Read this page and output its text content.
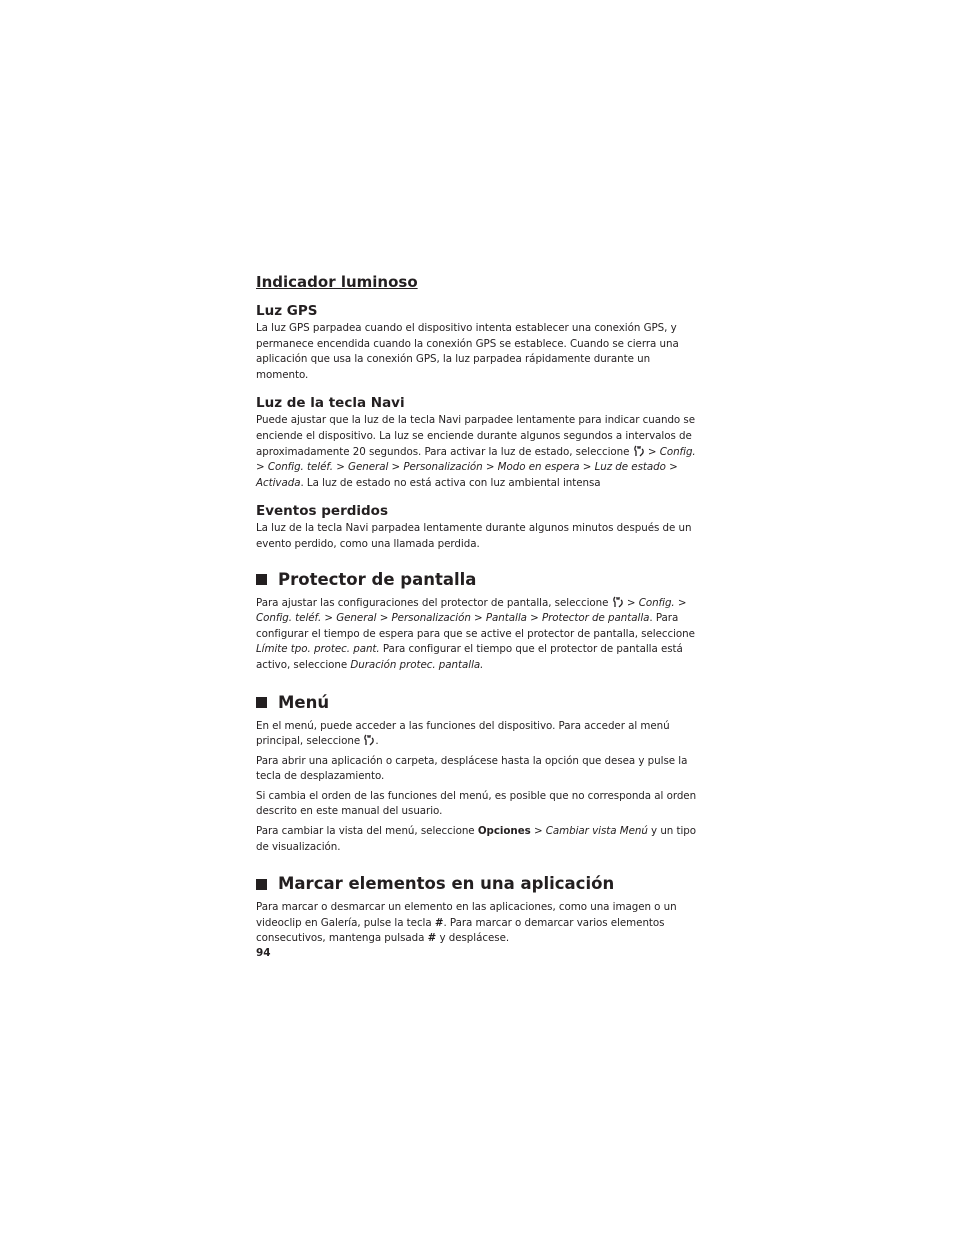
Indicador luminoso
Luz GPS

La luz GPS parpadea cuando el dispositivo intenta establecer una conexión GPS, y permanece encendida cuando la conexión GPS se establece. Cuando se cierra una aplicación que usa la conexión GPS, la luz parpadea rápidamente durante un momento.

Luz de la tecla Navi

Puede ajustar que la luz de la tecla Navi parpadee lentamente para indicar cuando se enciende el dispositivo. La luz se enciende durante algunos segundos a intervalos de aproximadamente 20 segundos. Para activar la luz de estado, seleccione > Config. > Config. teléf. > General > Personalización > Modo en espera > Luz de estado > Activada. La luz de estado no está activa con luz ambiental intensa

Eventos perdidos

La luz de la tecla Navi parpadea lentamente durante algunos minutos después de un evento perdido, como una llamada perdida.

Protector de pantalla

Para ajustar las configuraciones del protector de pantalla, seleccione > Config. > Config. teléf. > General > Personalización > Pantalla > Protector de pantalla. Para configurar el tiempo de espera para que se active el protector de pantalla, seleccione Límite tpo. protec. pant. Para configurar el tiempo que el protector de pantalla está activo, seleccione Duración protec. pantalla.

Menú

En el menú, puede acceder a las funciones del dispositivo. Para acceder al menú principal, seleccione .

Para abrir una aplicación o carpeta, desplácese hasta la opción que desea y pulse la tecla de desplazamiento.

Si cambia el orden de las funciones del menú, es posible que no corresponda al orden descrito en este manual del usuario.

Para cambiar la vista del menú, seleccione Opciones > Cambiar vista Menú y un tipo de visualización.

Marcar elementos en una aplicación

Para marcar o desmarcar un elemento en las aplicaciones, como una imagen o un videoclip en Galería, pulse la tecla #. Para marcar o demarcar varios elementos consecutivos, mantenga pulsada # y desplácese.

94
